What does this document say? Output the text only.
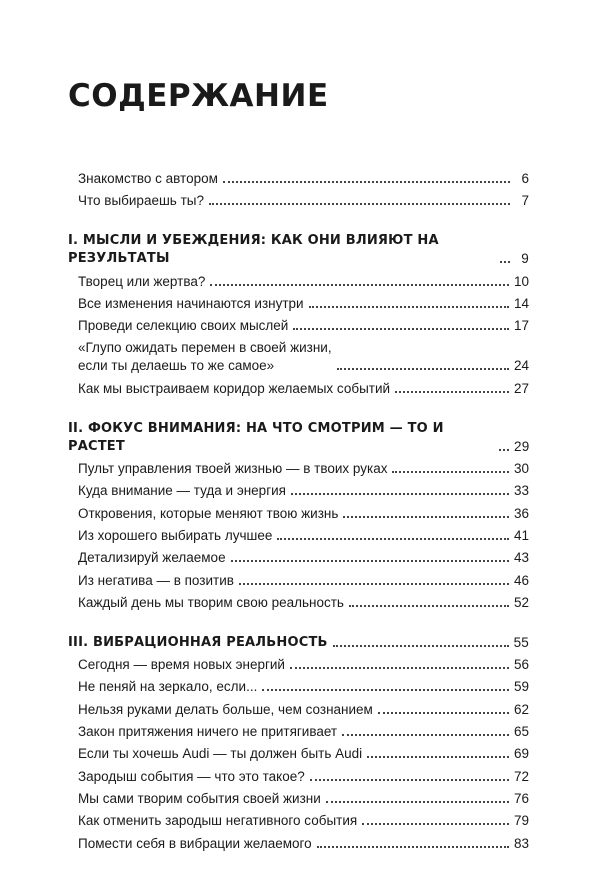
СОДЕРЖАНИЕ
Знакомство с автором	6
Что выбираешь ты?	7
I. МЫСЛИ И УБЕЖДЕНИЯ: КАК ОНИ ВЛИЯЮТ НА РЕЗУЛЬТАТЫ	9
Творец или жертва?	10
Все изменения начинаются изнутри	14
Проведи селекцию своих мыслей	17
«Глупо ожидать перемен в своей жизни,
если ты делаешь то же самое»	24
Как мы выстраиваем коридор желаемых событий	27
II. ФОКУС ВНИМАНИЯ: НА ЧТО СМОТРИМ — ТО И РАСТЕТ	29
Пульт управления твоей жизнью — в твоих руках	30
Куда внимание — туда и энергия	33
Откровения, которые меняют твою жизнь	36
Из хорошего выбирать лучшее	41
Детализируй желаемое	43
Из негатива — в позитив	46
Каждый день мы творим свою реальность	52
III. ВИБРАЦИОННАЯ РЕАЛЬНОСТЬ	55
Сегодня — время новых энергий	56
Не пеняй на зеркало, если...	59
Нельзя руками делать больше, чем сознанием	62
Закон притяжения ничего не притягивает	65
Если ты хочешь Audi — ты должен быть Audi	69
Зародыш события — что это такое?	72
Мы сами творим события своей жизни	76
Как отменить зародыш негативного события	79
Помести себя в вибрации желаемого	83
